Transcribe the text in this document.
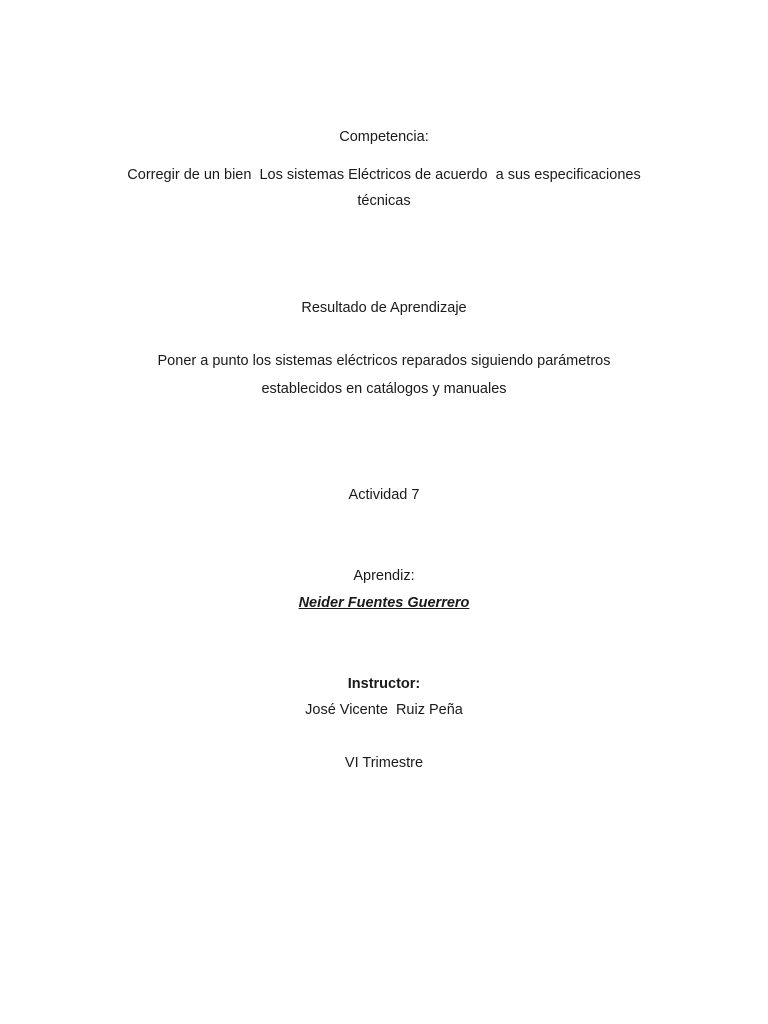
Competencia:
Corregir de un bien  Los sistemas Eléctricos de acuerdo  a sus especificaciones
técnicas
Resultado de Aprendizaje
Poner a punto los sistemas eléctricos reparados siguiendo parámetros
establecidos en catálogos y manuales
Actividad 7
Aprendiz:
Neider Fuentes Guerrero
Instructor:
José Vicente  Ruiz Peña
VI Trimestre
